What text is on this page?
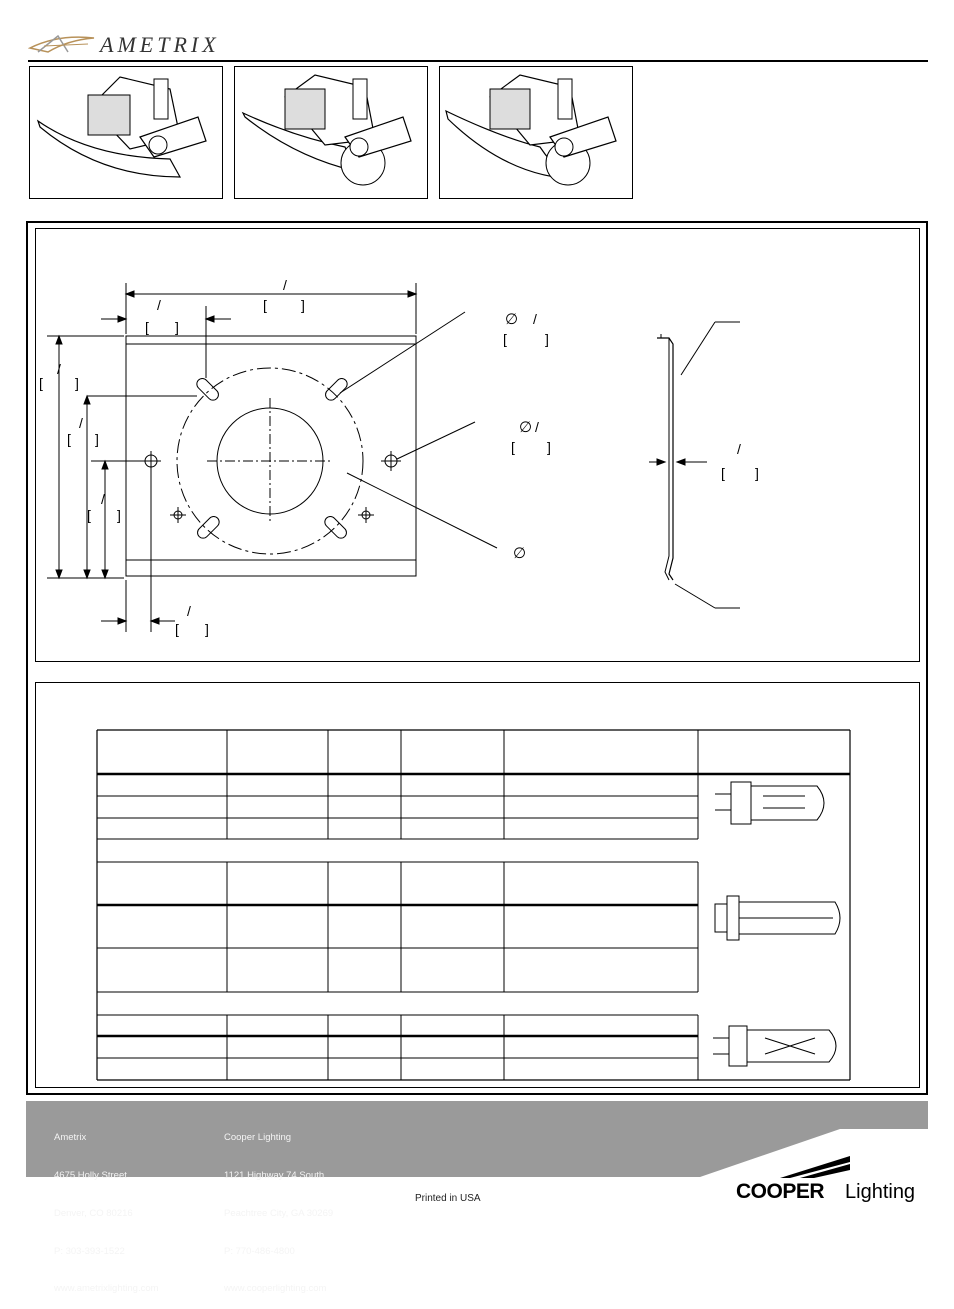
AMETRIX
/
[ ]
/
[ ]
/
[ ]
/
[ ]
/
[ ]
/
[ ]
∅ /
[	]
∅ /
[ ]
∅
/
[ ]

Ametrix

4675 Holly Street

Denver, CO 80216

P: 303-393-1522

www.ametrixlighting.com

Cooper Lighting

1121 Highway 74 South

Peachtree City, GA 30269

P: 770-486-4800

www.cooperlighting.com

Printed in USA	COOPER Lighting
